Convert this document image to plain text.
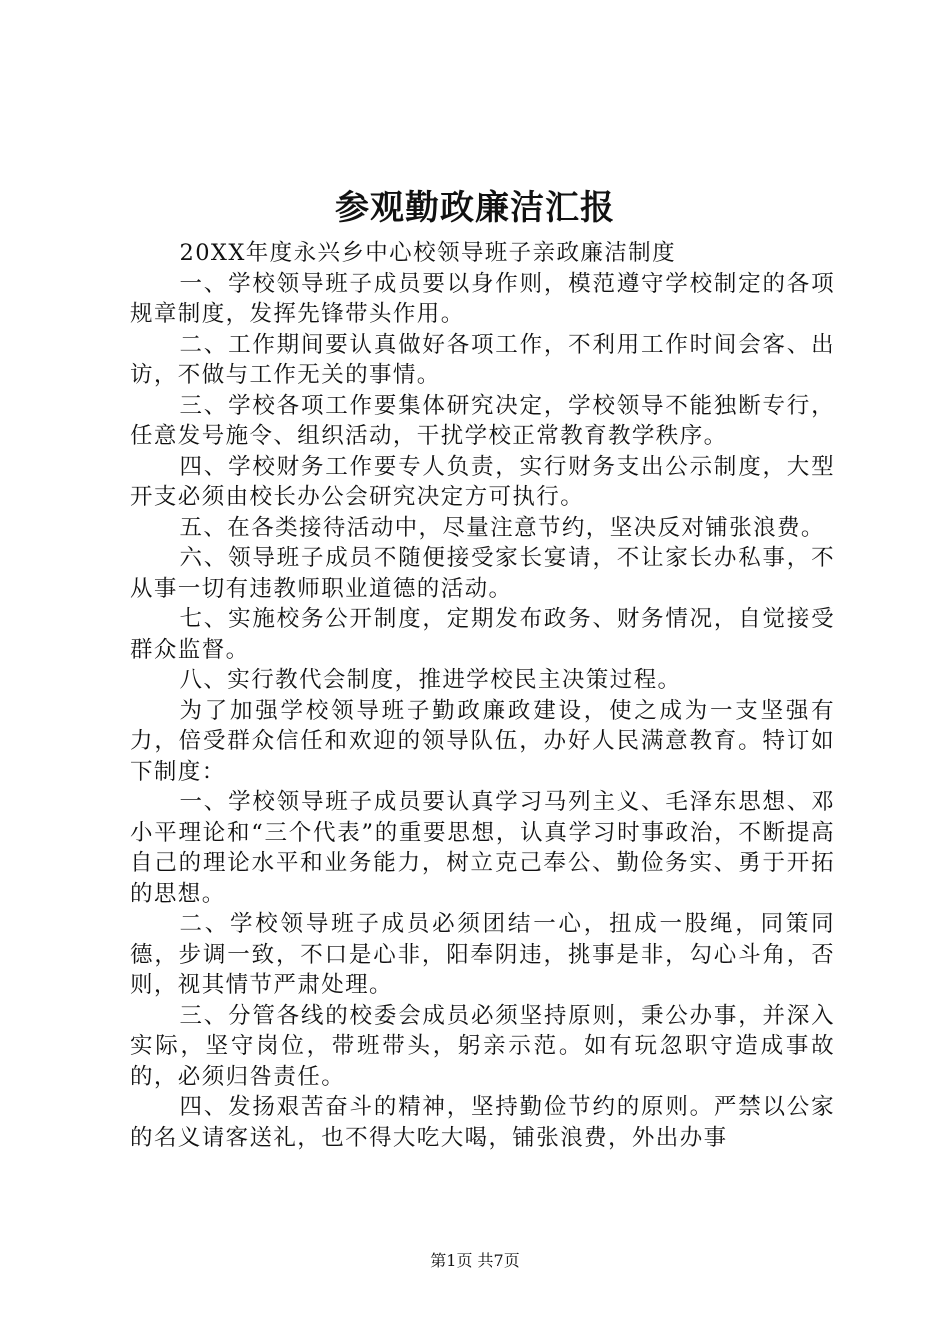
参观勤政廉洁汇报

20XX年度永兴乡中心校领导班子亲政廉洁制度

一、学校领导班子成员要以身作则，模范遵守学校制定的各项规章制度，发挥先锋带头作用。

二、工作期间要认真做好各项工作，不利用工作时间会客、出访，不做与工作无关的事情。

三、学校各项工作要集体研究决定，学校领导不能独断专行，任意发号施令、组织活动，干扰学校正常教育教学秩序。

四、学校财务工作要专人负责，实行财务支出公示制度，大型开支必须由校长办公会研究决定方可执行。

五、在各类接待活动中，尽量注意节约，坚决反对铺张浪费。

六、领导班子成员不随便接受家长宴请，不让家长办私事，不从事一切有违教师职业道德的活动。

七、实施校务公开制度，定期发布政务、财务情况，自觉接受群众监督。

八、实行教代会制度，推进学校民主决策过程。

为了加强学校领导班子勤政廉政建设，使之成为一支坚强有力，倍受群众信任和欢迎的领导队伍，办好人民满意教育。特订如下制度：

一、学校领导班子成员要认真学习马列主义、毛泽东思想、邓小平理论和“三个代表”的重要思想，认真学习时事政治，不断提高自己的理论水平和业务能力，树立克己奉公、勤俭务实、勇于开拓的思想。

二、学校领导班子成员必须团结一心，扭成一股绳，同策同德，步调一致，不口是心非，阳奉阴违，挑事是非，勾心斗角，否则，视其情节严肃处理。

三、分管各线的校委会成员必须坚持原则，秉公办事，并深入实际，坚守岗位，带班带头，躬亲示范。如有玩忽职守造成事故的，必须归咎责任。

四、发扬艰苦奋斗的精神，坚持勤俭节约的原则。严禁以公家的名义请客送礼，也不得大吃大喝，铺张浪费，外出办事

第1页 共7页
